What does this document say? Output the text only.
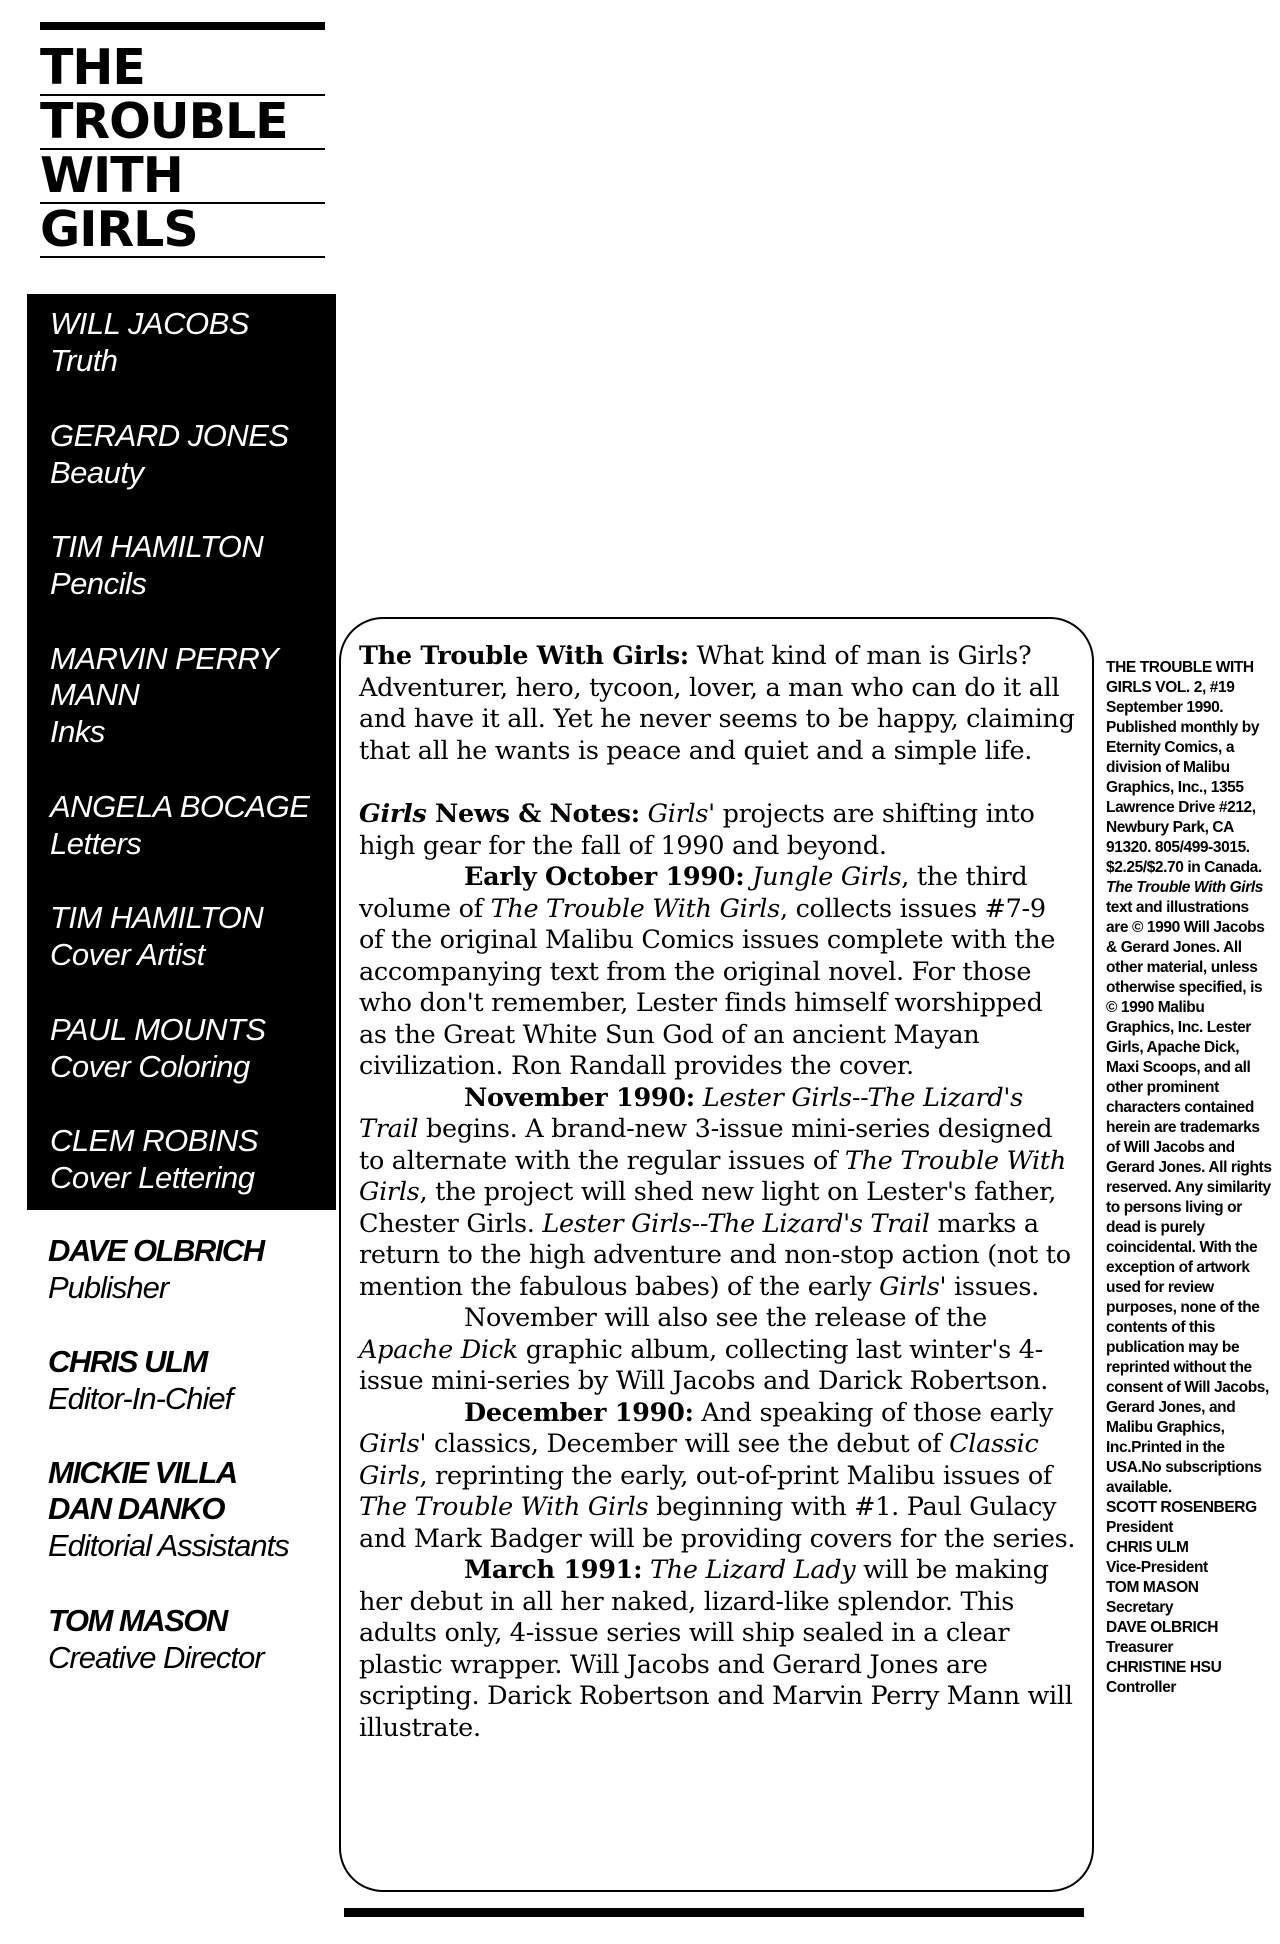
THE
TROUBLE
WITH
GIRLS
WILL JACOBS
Truth
GERARD JONES
Beauty
TIM HAMILTON
Pencils
MARVIN PERRY
MANN
Inks
ANGELA BOCAGE
Letters
TIM HAMILTON
Cover Artist
PAUL MOUNTS
Cover Coloring
CLEM ROBINS
Cover Lettering
DAVE OLBRICH
Publisher
CHRIS ULM
Editor-In-Chief
MICKIE VILLA
DAN DANKO
Editorial Assistants
TOM MASON
Creative Director

The Trouble With Girls: What kind of man is Girls? Adventurer, hero, tycoon, lover, a man who can do it all and have it all. Yet he never seems to be happy, claiming that all he wants is peace and quiet and a simple life.

Girls News & Notes: Girls' projects are shifting into high gear for the fall of 1990 and beyond.

Early October 1990: Jungle Girls, the third volume of The Trouble With Girls, collects issues #7-9 of the original Malibu Comics issues complete with the accompanying text from the original novel. For those who don't remember, Lester finds himself worshipped as the Great White Sun God of an ancient Mayan civilization. Ron Randall provides the cover.

November 1990: Lester Girls--The Lizard's Trail begins. A brand-new 3-issue mini-series designed to alternate with the regular issues of The Trouble With Girls, the project will shed new light on Lester's father, Chester Girls. Lester Girls--The Lizard's Trail marks a return to the high adventure and non-stop action (not to mention the fabulous babes) of the early Girls' issues.

November will also see the release of the Apache Dick graphic album, collecting last winter's 4-issue mini-series by Will Jacobs and Darick Robertson.

December 1990: And speaking of those early Girls' classics, December will see the debut of Classic Girls, reprinting the early, out-of-print Malibu issues of The Trouble With Girls beginning with #1. Paul Gulacy and Mark Badger will be providing covers for the series.

March 1991: The Lizard Lady will be making her debut in all her naked, lizard-like splendor. This adults only, 4-issue series will ship sealed in a clear plastic wrapper. Will Jacobs and Gerard Jones are scripting. Darick Robertson and Marvin Perry Mann will illustrate.

THE TROUBLE WITH GIRLS VOL. 2, #19 September 1990. Published monthly by Eternity Comics, a division of Malibu Graphics, Inc., 1355 Lawrence Drive #212, Newbury Park, CA 91320. 805/499-3015. $2.25/$2.70 in Canada. The Trouble With Girls text and illustrations are © 1990 Will Jacobs & Gerard Jones. All other material, unless otherwise specified, is © 1990 Malibu Graphics, Inc. Lester Girls, Apache Dick, Maxi Scoops, and all other prominent characters contained herein are trademarks of Will Jacobs and Gerard Jones. All rights reserved. Any similarity to persons living or dead is purely coincidental. With the exception of artwork used for review purposes, none of the contents of this publication may be reprinted without the consent of Will Jacobs, Gerard Jones, and Malibu Graphics, Inc.Printed in the USA.No subscriptions available.
SCOTT ROSENBERG
President
CHRIS ULM
Vice-President
TOM MASON
Secretary
DAVE OLBRICH
Treasurer
CHRISTINE HSU
Controller
